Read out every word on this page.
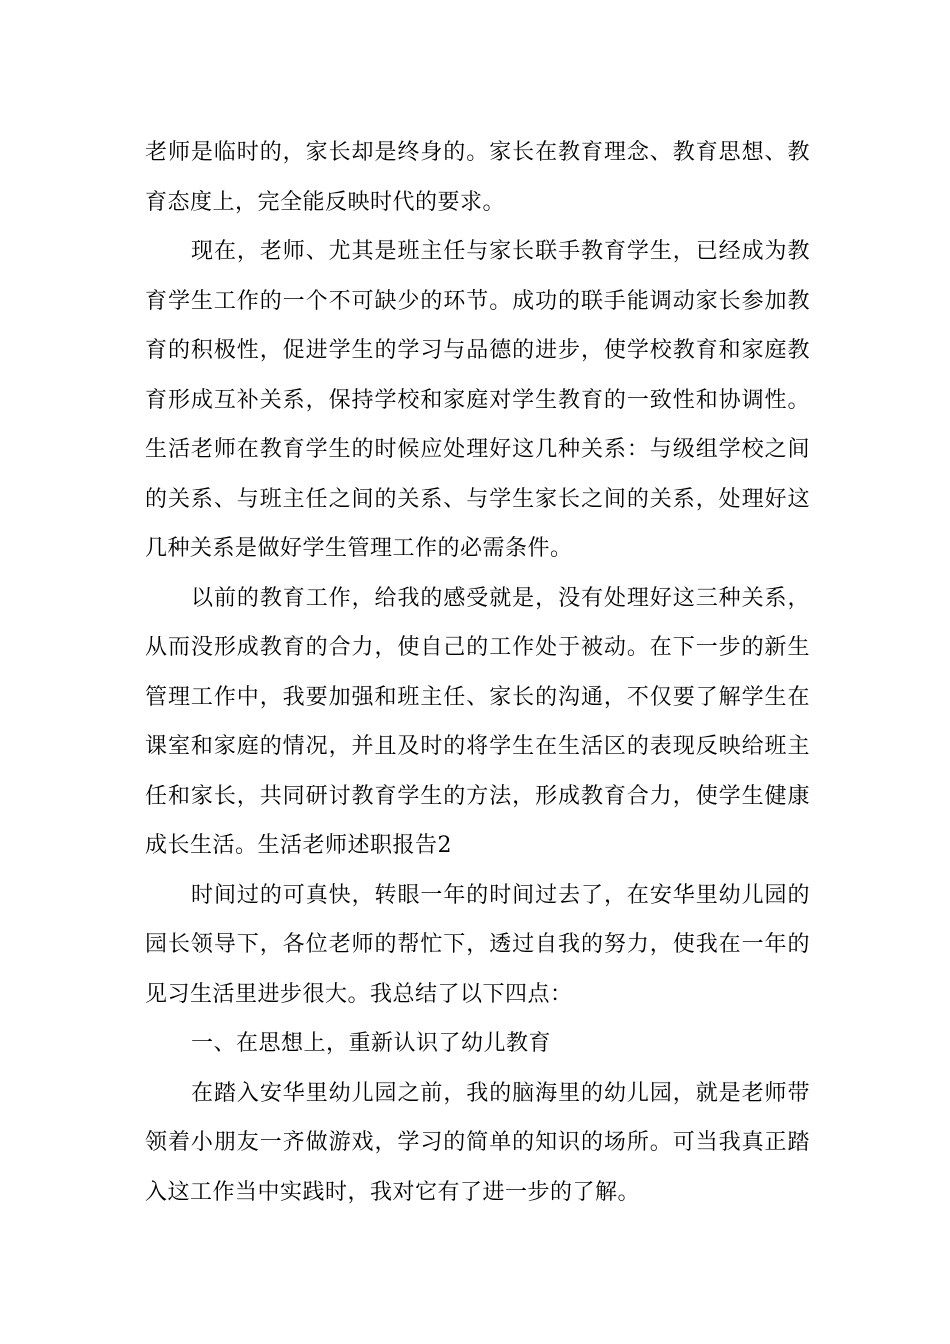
老师是临时的，家长却是终身的。家长在教育理念、教育思想、教育态度上，完全能反映时代的要求。

现在，老师、尤其是班主任与家长联手教育学生，已经成为教育学生工作的一个不可缺少的环节。成功的联手能调动家长参加教育的积极性，促进学生的学习与品德的进步，使学校教育和家庭教育形成互补关系，保持学校和家庭对学生教育的一致性和协调性。生活老师在教育学生的时候应处理好这几种关系：与级组学校之间的关系、与班主任之间的关系、与学生家长之间的关系，处理好这几种关系是做好学生管理工作的必需条件。

以前的教育工作，给我的感受就是，没有处理好这三种关系，从而没形成教育的合力，使自己的工作处于被动。在下一步的新生管理工作中，我要加强和班主任、家长的沟通，不仅要了解学生在课室和家庭的情况，并且及时的将学生在生活区的表现反映给班主任和家长，共同研讨教育学生的方法，形成教育合力，使学生健康成长生活。生活老师述职报告2

时间过的可真快，转眼一年的时间过去了，在安华里幼儿园的园长领导下，各位老师的帮忙下，透过自我的努力，使我在一年的见习生活里进步很大。我总结了以下四点：

一、在思想上，重新认识了幼儿教育

在踏入安华里幼儿园之前，我的脑海里的幼儿园，就是老师带领着小朋友一齐做游戏，学习的简单的知识的场所。可当我真正踏入这工作当中实践时，我对它有了进一步的了解。
